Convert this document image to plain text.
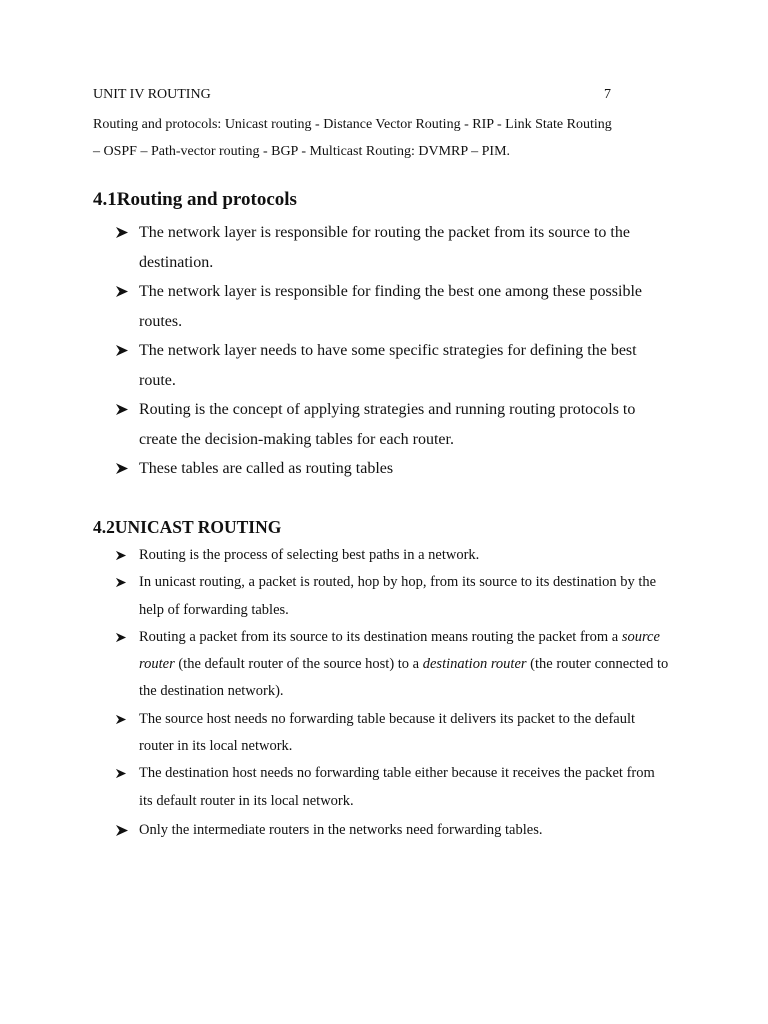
UNIT IV ROUTING	7
Routing and protocols: Unicast routing - Distance Vector Routing - RIP - Link State Routing
– OSPF – Path-vector routing - BGP - Multicast Routing: DVMRP – PIM.
4.1Routing and protocols
The network layer is responsible for routing the packet from its source to the destination.
The network layer is responsible for finding the best one among these possible routes.
The network layer needs to have some specific strategies for defining the best route.
Routing is the concept of applying strategies and running routing protocols to create the decision-making tables for each router.
These tables are called as routing tables
4.2UNICAST ROUTING
Routing is the process of selecting best paths in a network.
In unicast routing, a packet is routed, hop by hop, from its source to its destination by the help of forwarding tables.
Routing a packet from its source to its destination means routing the packet from a source router (the default router of the source host) to a destination router (the router connected to the destination network).
The source host needs no forwarding table because it delivers its packet to the default router in its local network.
The destination host needs no forwarding table either because it receives the packet from its default router in its local network.
Only the intermediate routers in the networks need forwarding tables.
